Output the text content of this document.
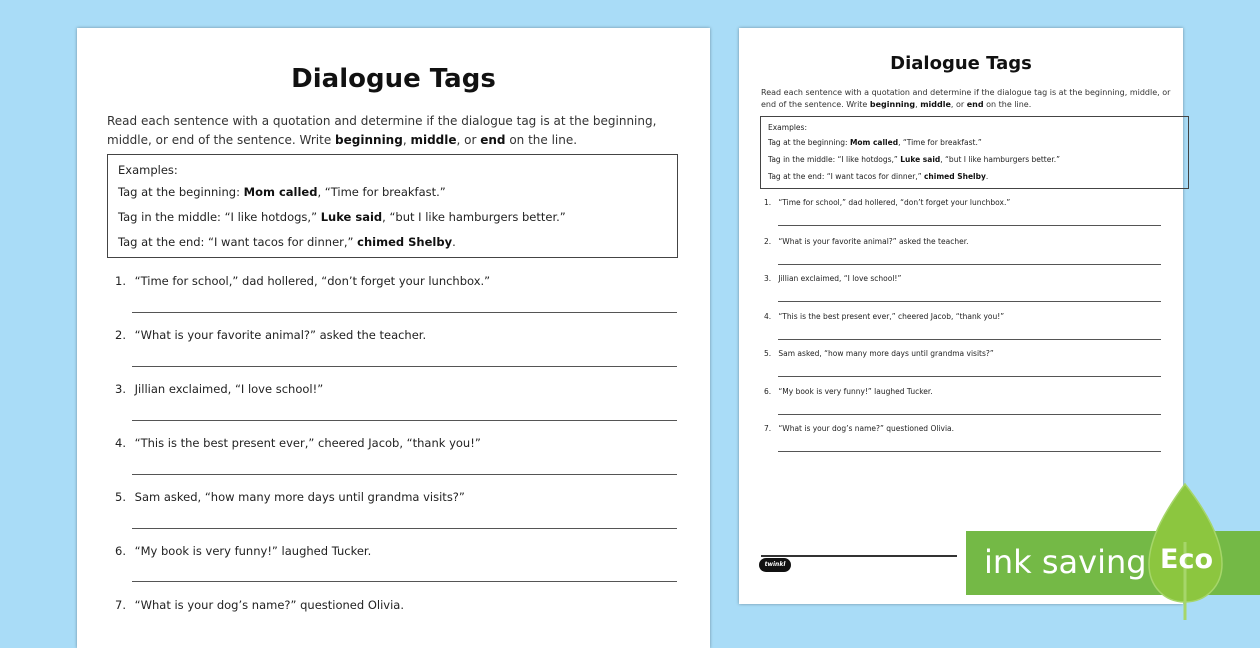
Dialogue Tags
Read each sentence with a quotation and determine if the dialogue tag is at the beginning, middle, or end of the sentence. Write beginning, middle, or end on the line.

Examples:

Tag at the beginning: Mom called, “Time for breakfast.”

Tag in the middle: “I like hotdogs,” Luke said, “but I like hamburgers better.”

Tag at the end: “I want tacos for dinner,” chimed Shelby.

1. “Time for school,” dad hollered, “don’t forget your lunchbox.”
2. “What is your favorite animal?” asked the teacher.
3. Jillian exclaimed, “I love school!”
4. “This is the best present ever,” cheered Jacob, “thank you!”
5. Sam asked, “how many more days until grandma visits?”
6. “My book is very funny!” laughed Tucker.
7. “What is your dog’s name?” questioned Olivia.
Dialogue Tags
Read each sentence with a quotation and determine if the dialogue tag is at the beginning, middle, or end of the sentence. Write beginning, middle, or end on the line.

Examples:

Tag at the beginning: Mom called, “Time for breakfast.”

Tag in the middle: “I like hotdogs,” Luke said, “but I like hamburgers better.”

Tag at the end: “I want tacos for dinner,” chimed Shelby.

1. “Time for school,” dad hollered, “don’t forget your lunchbox.”
2. “What is your favorite animal?” asked the teacher.
3. Jillian exclaimed, “I love school!”
4. “This is the best present ever,” cheered Jacob, “thank you!”
5. Sam asked, “how many more days until grandma visits?”
6. “My book is very funny!” laughed Tucker.
7. “What is your dog’s name?” questioned Olivia.
twinkl	ink saving Eco
